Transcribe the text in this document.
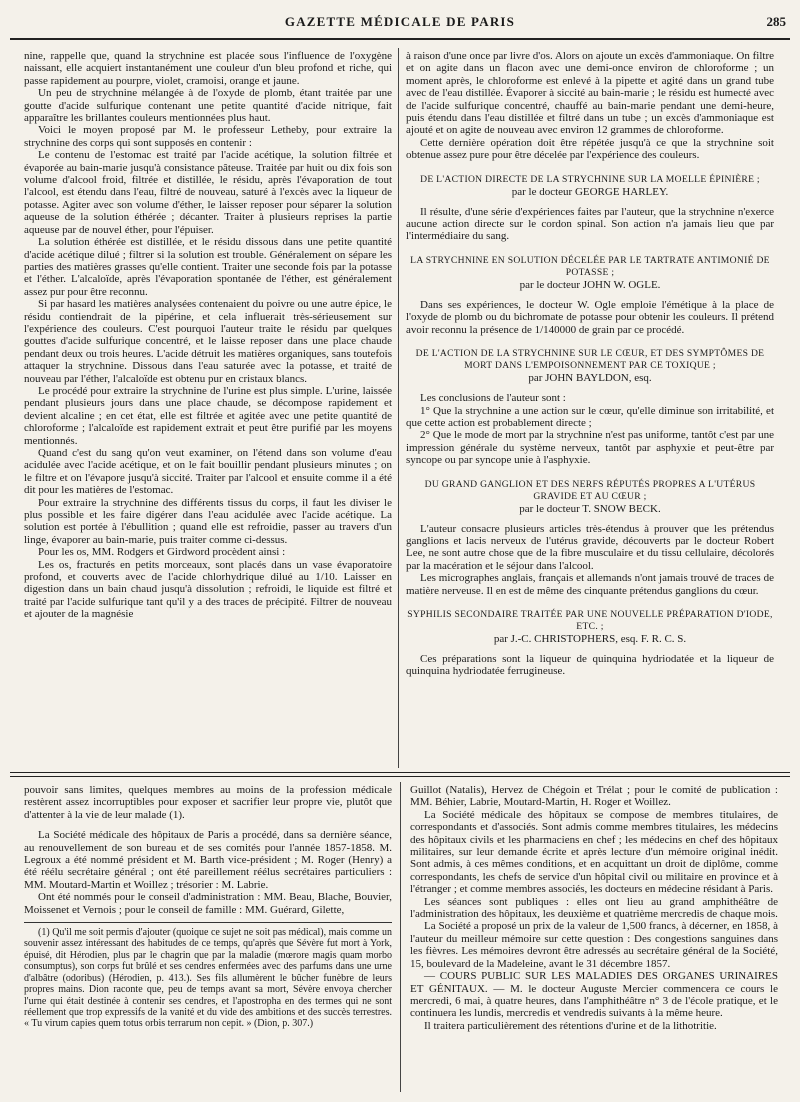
GAZETTE MÉDICALE DE PARIS	285

nine, rappelle que, quand la strychnine est placée sous l'influence de l'oxygène naissant, elle acquiert instantanément une couleur d'un bleu profond et riche, qui passe rapidement au pourpre, violet, cramoisi, orange et jaune.

Un peu de strychnine mélangée à de l'oxyde de plomb, étant traitée par une goutte d'acide sulfurique contenant une petite quantité d'acide nitrique, fait apparaître les brillantes couleurs mentionnées plus haut.

Voici le moyen proposé par M. le professeur Letheby, pour extraire la strychnine des corps qui sont supposés en contenir :

Le contenu de l'estomac est traité par l'acide acétique, la solution filtrée et évaporée au bain-marie jusqu'à consistance pâteuse. Traitée par huit ou dix fois son volume d'alcool froid, filtrée et distillée, le résidu, après l'évaporation de tout l'alcool, est étendu dans l'eau, filtré de nouveau, saturé à l'excès avec la liqueur de potasse. Agiter avec son volume d'éther, le laisser reposer pour séparer la solution aqueuse de la solution éthérée ; décanter. Traiter à plusieurs reprises la partie aqueuse par de nouvel éther, pour l'épuiser.

La solution éthérée est distillée, et le résidu dissous dans une petite quantité d'acide acétique dilué ; filtrer si la solution est trouble. Généralement on sépare les parties des matières grasses qu'elle contient. Traiter une seconde fois par la potasse et l'éther. L'alcaloïde, après l'évaporation spontanée de l'éther, est généralement assez pur pour être reconnu.

Si par hasard les matières analysées contenaient du poivre ou une autre épice, le résidu contiendrait de la pipérine, et cela influerait très-sérieusement sur l'expérience des couleurs. C'est pourquoi l'auteur traite le résidu par quelques gouttes d'acide sulfurique concentré, et le laisse reposer dans une place chaude pendant deux ou trois heures. L'acide détruit les matières organiques, sans toutefois attaquer la strychnine. Dissous dans l'eau saturée avec la potasse, et traité de nouveau par l'éther, l'alcaloïde est obtenu pur en cristaux blancs.

Le procédé pour extraire la strychnine de l'urine est plus simple. L'urine, laissée pendant plusieurs jours dans une place chaude, se décompose rapidement et devient alcaline ; en cet état, elle est filtrée et agitée avec une petite quantité de chloroforme ; l'alcaloïde est rapidement extrait et peut être purifié par les moyens mentionnés.

Quand c'est du sang qu'on veut examiner, on l'étend dans son volume d'eau acidulée avec l'acide acétique, et on le fait bouillir pendant plusieurs minutes ; on le filtre et on l'évapore jusqu'à siccité. Traiter par l'alcool et ensuite comme il a été dit pour les matières de l'estomac.

Pour extraire la strychnine des différents tissus du corps, il faut les diviser le plus possible et les faire digérer dans l'eau acidulée avec l'acide acétique. La solution est portée à l'ébullition ; quand elle est refroidie, passer au travers d'un linge, évaporer au bain-marie, puis traiter comme ci-dessus.

Pour les os, MM. Rodgers et Girdword procèdent ainsi :

Les os, fracturés en petits morceaux, sont placés dans un vase évaporatoire profond, et couverts avec de l'acide chlorhydrique dilué au 1/10. Laisser en digestion dans un bain chaud jusqu'à dissolution ; refroidi, le liquide est filtré et traité par l'acide sulfurique tant qu'il y a des traces de précipité. Filtrer de nouveau et ajouter de la magnésie

à raison d'une once par livre d'os. Alors on ajoute un excès d'ammoniaque. On filtre et on agite dans un flacon avec une demi-once environ de chloroforme ; un moment après, le chloroforme est enlevé à la pipette et agité dans un grand tube avec de l'eau distillée. Évaporer à siccité au bain-marie ; le résidu est humecté avec de l'acide sulfurique concentré, chauffé au bain-marie pendant une demi-heure, puis étendu dans l'eau distillée et filtré dans un tube ; un excès d'ammoniaque est ajouté et on agite de nouveau avec environ 12 grammes de chloroforme.

Cette dernière opération doit être répétée jusqu'à ce que la strychnine soit obtenue assez pure pour être décelée par l'expérience des couleurs.

DE L'ACTION DIRECTE DE LA STRYCHNINE SUR LA MOELLE ÉPINIÈRE ;
par le docteur GEORGE HARLEY.

Il résulte, d'une série d'expériences faites par l'auteur, que la strychnine n'exerce aucune action directe sur le cordon spinal. Son action n'a jamais lieu que par l'intermédiaire du sang.

LA STRYCHNINE EN SOLUTION DÉCELÉE PAR LE TARTRATE ANTIMONIÉ DE POTASSE ;
par le docteur JOHN W. OGLE.

Dans ses expériences, le docteur W. Ogle emploie l'émétique à la place de l'oxyde de plomb ou du bichromate de potasse pour obtenir les couleurs. Il prétend avoir reconnu la présence de 1/140000 de grain par ce procédé.

DE L'ACTION DE LA STRYCHNINE SUR LE CŒUR, ET DES SYMPTÔMES DE MORT DANS L'EMPOISONNEMENT PAR CE TOXIQUE ;
par JOHN BAYLDON, esq.

Les conclusions de l'auteur sont :

1° Que la strychnine a une action sur le cœur, qu'elle diminue son irritabilité, et que cette action est probablement directe ;

2° Que le mode de mort par la strychnine n'est pas uniforme, tantôt c'est par une impression générale du système nerveux, tantôt par asphyxie et peut-être par syncope ou par syncope unie à l'asphyxie.

DU GRAND GANGLION ET DES NERFS RÉPUTÉS PROPRES A L'UTÉRUS GRAVIDE ET AU CŒUR ;
par le docteur T. SNOW BECK.

L'auteur consacre plusieurs articles très-étendus à prouver que les prétendus ganglions et lacis nerveux de l'utérus gravide, découverts par le docteur Robert Lee, ne sont autre chose que de la fibre musculaire et du tissu cellulaire, décolorés par la macération et le séjour dans l'alcool.

Les micrographes anglais, français et allemands n'ont jamais trouvé de traces de matière nerveuse. Il en est de même des cinquante prétendus ganglions du cœur.

SYPHILIS SECONDAIRE TRAITÉE PAR UNE NOUVELLE PRÉPARATION D'IODE, ETC. ;
par J.-C. CHRISTOPHERS, esq. F. R. C. S.

Ces préparations sont la liqueur de quinquina hydriodatée et la liqueur de quinquina hydriodatée ferrugineuse.

pouvoir sans limites, quelques membres au moins de la profession médicale restèrent assez incorruptibles pour exposer et sacrifier leur propre vie, plutôt que d'attenter à la vie de leur malade (1).

La Société médicale des hôpitaux de Paris a procédé, dans sa dernière séance, au renouvellement de son bureau et de ses comités pour l'année 1857-1858. M. Legroux a été nommé président et M. Barth vice-président ; M. Roger (Henry) a été réélu secrétaire général ; ont été pareillement réélus secrétaires particuliers : MM. Moutard-Martin et Woillez ; trésorier : M. Labrie.

Ont été nommés pour le conseil d'administration : MM. Beau, Blache, Bouvier, Moissenet et Vernois ; pour le conseil de famille : MM. Guérard, Gilette,

(1) Qu'il me soit permis d'ajouter (quoique ce sujet ne soit pas médical), mais comme un souvenir assez intéressant des habitudes de ce temps, qu'après que Sévère fut mort à York, épuisé, dit Hérodien, plus par le chagrin que par la maladie (mœrore magis quam morbo consumptus), son corps fut brûlé et ses cendres enfermées avec des parfums dans une urne d'albâtre (odoribus) (Hérodien, p. 413.). Ses fils allumèrent le bûcher funèbre de leurs propres mains. Dion raconte que, peu de temps avant sa mort, Sévère envoya chercher l'urne qui était destinée à contenir ses cendres, et l'apostropha en des termes qui ne sont réellement que trop expressifs de la vanité et du vide des ambitions et des succès terrestres. « Tu virum capies quem totus orbis terrarum non cepit. » (Dion, p. 307.)

Guillot (Natalis), Hervez de Chégoin et Trélat ; pour le comité de publication : MM. Béhier, Labrie, Moutard-Martin, H. Roger et Woillez.

La Société médicale des hôpitaux se compose de membres titulaires, de correspondants et d'associés. Sont admis comme membres titulaires, les médecins des hôpitaux civils et les pharmaciens en chef ; les médecins en chef des hôpitaux militaires, sur leur demande écrite et après lecture d'un mémoire original inédit. Sont admis, à ces mêmes conditions, et en acquittant un droit de diplôme, comme correspondants, les chefs de service d'un hôpital civil ou militaire en province et à l'étranger ; et comme membres associés, les docteurs en médecine résidant à Paris.

Les séances sont publiques : elles ont lieu au grand amphithéâtre de l'administration des hôpitaux, les deuxième et quatrième mercredis de chaque mois.

La Société a proposé un prix de la valeur de 1,500 francs, à décerner, en 1858, à l'auteur du meilleur mémoire sur cette question : Des congestions sanguines dans les fièvres. Les mémoires devront être adressés au secrétaire général de la Société, 15, boulevard de la Madeleine, avant le 31 décembre 1857.

— COURS PUBLIC SUR LES MALADIES DES ORGANES URINAIRES ET GÉNITAUX. — M. le docteur Auguste Mercier commencera ce cours le mercredi, 6 mai, à quatre heures, dans l'amphithéâtre n° 3 de l'école pratique, et le continuera les lundis, mercredis et vendredis suivants à la même heure.

Il traitera particulièrement des rétentions d'urine et de la lithotritie.
